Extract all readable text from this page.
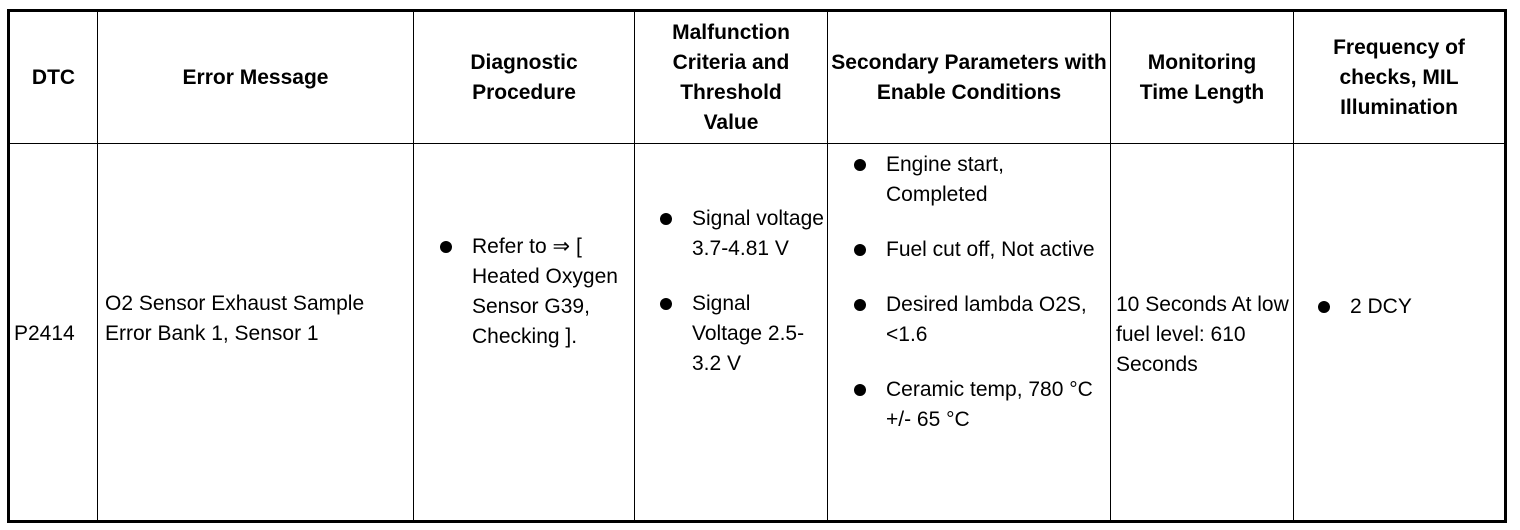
DTC	Error Message
Diagnostic Procedure
Malfunction Criteria and Threshold Value
Secondary Parameters with Enable Conditions
Monitoring Time Length
Frequency of checks, MIL Illumination
P2414
O2 Sensor Exhaust Sample Error Bank 1, Sensor 1
Refer to ⇒ [ Heated Oxygen Sensor G39, Checking ].
Signal voltage 3.7-4.81 V
Signal Voltage 2.5-3.2 V
Engine start, Completed
Fuel cut off, Not active
Desired lambda O2S, <1.6
Ceramic temp, 780 °C +/- 65 °C
10 Seconds At low fuel level: 610 Seconds
2 DCY
